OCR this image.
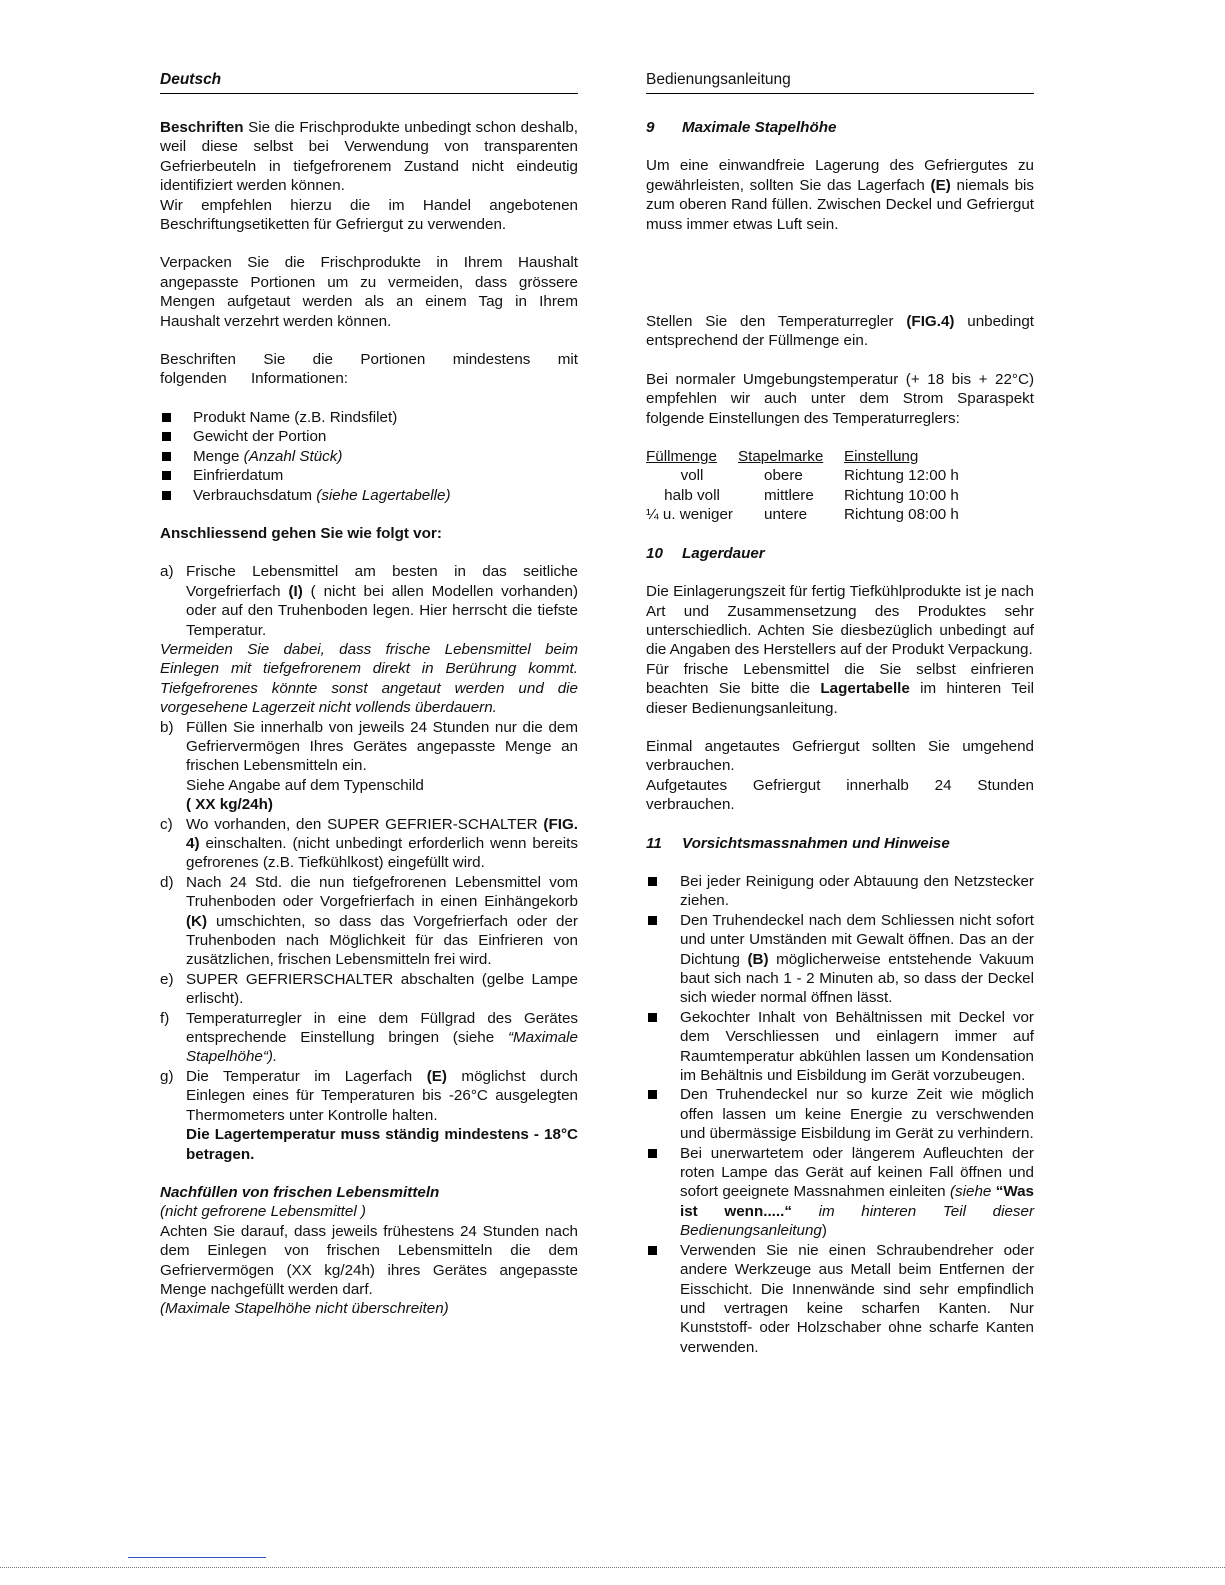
Deutsch

Beschriften Sie die Frischprodukte unbedingt schon deshalb, weil diese selbst bei Verwendung von transparenten Gefrierbeuteln in tiefgefrorenem Zustand nicht eindeutig identifiziert werden können.

Wir empfehlen hierzu die im Handel angebotenen Beschriftungsetiketten für Gefriergut zu verwenden.

Verpacken Sie die Frischprodukte in Ihrem Haushalt angepasste Portionen um zu vermeiden, dass grössere Mengen aufgetaut werden als an einem Tag in Ihrem Haushalt verzehrt werden können.

Beschriften Sie die Portionen mindestens mit folgenden Informationen:

Produkt Name (z.B. Rindsfilet)
Gewicht der Portion
Menge (Anzahl Stück)
Einfrierdatum
Verbrauchsdatum (siehe Lagertabelle)

Anschliessend gehen Sie wie folgt vor:

a) Frische Lebensmittel am besten in das seitliche Vorgefrierfach (I) ( nicht bei allen Modellen vorhanden) oder auf den Truhenboden legen. Hier herrscht die tiefste Temperatur.

Vermeiden Sie dabei, dass frische Lebensmittel beim Einlegen mit tiefgefrorenem direkt in Berührung kommt. Tiefgefrorenes könnte sonst angetaut werden und die vorgesehene Lagerzeit nicht vollends überdauern.

b) Füllen Sie innerhalb von jeweils 24 Stunden nur die dem Gefriervermögen Ihres Gerätes angepasste Menge an frischen Lebensmitteln ein.
Siehe Angabe auf dem Typenschild
( XX kg/24h)
c) Wo vorhanden, den SUPER GEFRIER-SCHALTER (FIG. 4) einschalten. (nicht unbedingt erforderlich wenn bereits gefrorenes (z.B. Tiefkühlkost) eingefüllt wird.
d) Nach 24 Std. die nun tiefgefrorenen Lebensmittel vom Truhenboden oder Vorgefrierfach in einen Einhängekorb (K) umschichten, so dass das Vorgefrierfach oder der Truhenboden nach Möglichkeit für das Einfrieren von zusätzlichen, frischen Lebensmitteln frei wird.
e) SUPER GEFRIERSCHALTER abschalten (gelbe Lampe erlischt).
f) Temperaturregler in eine dem Füllgrad des Gerätes entsprechende Einstellung bringen (siehe “Maximale Stapelhöhe“).
g) Die Temperatur im Lagerfach (E) möglichst durch Einlegen eines für Temperaturen bis -26°C ausgelegten Thermometers unter Kontrolle halten.
Die Lagertemperatur muss ständig mindestens - 18°C betragen.

Nachfüllen von frischen Lebensmitteln

(nicht gefrorene Lebensmittel )

Achten Sie darauf, dass jeweils frühestens 24 Stunden nach dem Einlegen von frischen Lebensmitteln die dem Gefriervermögen (XX kg/24h) ihres Gerätes angepasste Menge nachgefüllt werden darf.

(Maximale Stapelhöhe nicht überschreiten)

Bedienungsanleitung

9 Maximale Stapelhöhe

Um eine einwandfreie Lagerung des Gefriergutes zu gewährleisten, sollten Sie das Lagerfach (E) niemals bis zum oberen Rand füllen. Zwischen Deckel und Gefriergut muss immer etwas Luft sein.

Stellen Sie den Temperaturregler (FIG.4) unbedingt entsprechend der Füllmenge ein.

Bei normaler Umgebungstemperatur (+ 18 bis + 22°C) empfehlen wir auch unter dem Strom Sparaspekt folgende Einstellungen des Temperaturreglers:

Füllmenge	Stapelmarke	Einstellung
voll	obere	Richtung 12:00 h
halb voll	mittlere	Richtung 10:00 h
¼ u. weniger	untere	Richtung 08:00 h

10 Lagerdauer

Die Einlagerungszeit für fertig Tiefkühlprodukte ist je nach Art und Zusammensetzung des Produktes sehr unterschiedlich. Achten Sie diesbezüglich unbedingt auf die Angaben des Herstellers auf der Produkt Verpackung.

Für frische Lebensmittel die Sie selbst einfrieren beachten Sie bitte die Lagertabelle im hinteren Teil dieser Bedienungsanleitung.

Einmal angetautes Gefriergut sollten Sie umgehend verbrauchen.

Aufgetautes Gefriergut innerhalb 24 Stunden verbrauchen.

11 Vorsichtsmassnahmen und Hinweise

Bei jeder Reinigung oder Abtauung den Netzstecker ziehen.
Den Truhendeckel nach dem Schliessen nicht sofort und unter Umständen mit Gewalt öffnen. Das an der Dichtung (B) möglicherweise entstehende Vakuum baut sich nach 1 - 2 Minuten ab, so dass der Deckel sich wieder normal öffnen lässt.
Gekochter Inhalt von Behältnissen mit Deckel vor dem Verschliessen und einlagern immer auf Raumtemperatur abkühlen lassen um Kondensation im Behältnis und Eisbildung im Gerät vorzubeugen.
Den Truhendeckel nur so kurze Zeit wie möglich offen lassen um keine Energie zu verschwenden und übermässige Eisbildung im Gerät zu verhindern.
Bei unerwartetem oder längerem Aufleuchten der roten Lampe das Gerät auf keinen Fall öffnen und sofort geeignete Massnahmen einleiten (siehe “Was ist wenn.....“ im hinteren Teil dieser Bedienungsanleitung)
Verwenden Sie nie einen Schraubendreher oder andere Werkzeuge aus Metall beim Entfernen der Eisschicht. Die Innenwände sind sehr empfindlich und vertragen keine scharfen Kanten. Nur Kunststoff- oder Holzschaber ohne scharfe Kanten verwenden.
